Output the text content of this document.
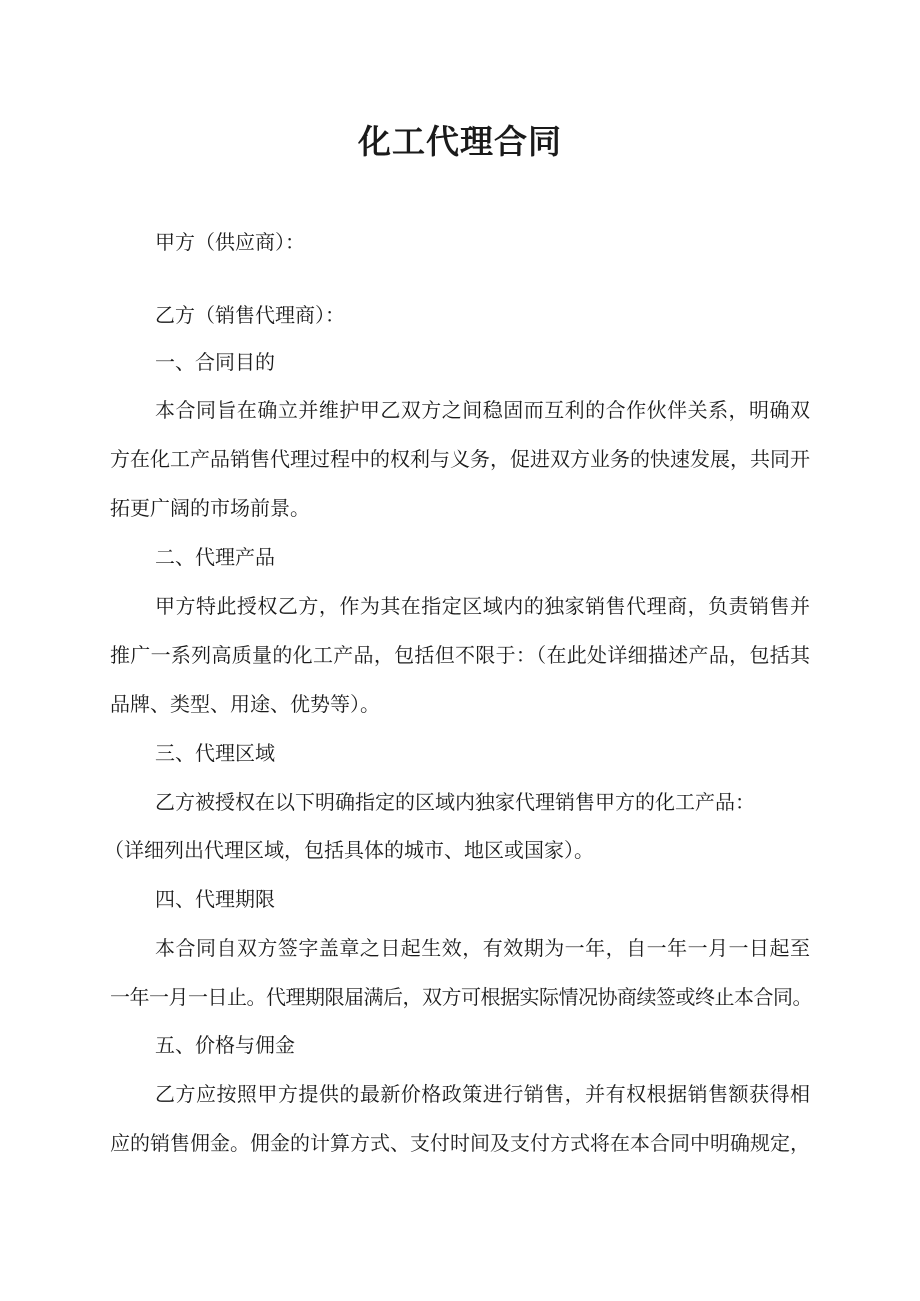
化工代理合同
甲方（供应商）：
乙方（销售代理商）：
一、合同目的
本合同旨在确立并维护甲乙双方之间稳固而互利的合作伙伴关系，明确双
方在化工产品销售代理过程中的权利与义务，促进双方业务的快速发展，共同开
拓更广阔的市场前景。
二、代理产品
甲方特此授权乙方，作为其在指定区域内的独家销售代理商，负责销售并
推广一系列高质量的化工产品，包括但不限于：（在此处详细描述产品，包括其
品牌、类型、用途、优势等）。
三、代理区域
乙方被授权在以下明确指定的区域内独家代理销售甲方的化工产品：
（详细列出代理区域，包括具体的城市、地区或国家）。
四、代理期限
本合同自双方签字盖章之日起生效，有效期为一年，自一年一月一日起至
一年一月一日止。代理期限届满后，双方可根据实际情况协商续签或终止本合同。
五、价格与佣金
乙方应按照甲方提供的最新价格政策进行销售，并有权根据销售额获得相
应的销售佣金。佣金的计算方式、支付时间及支付方式将在本合同中明确规定，
